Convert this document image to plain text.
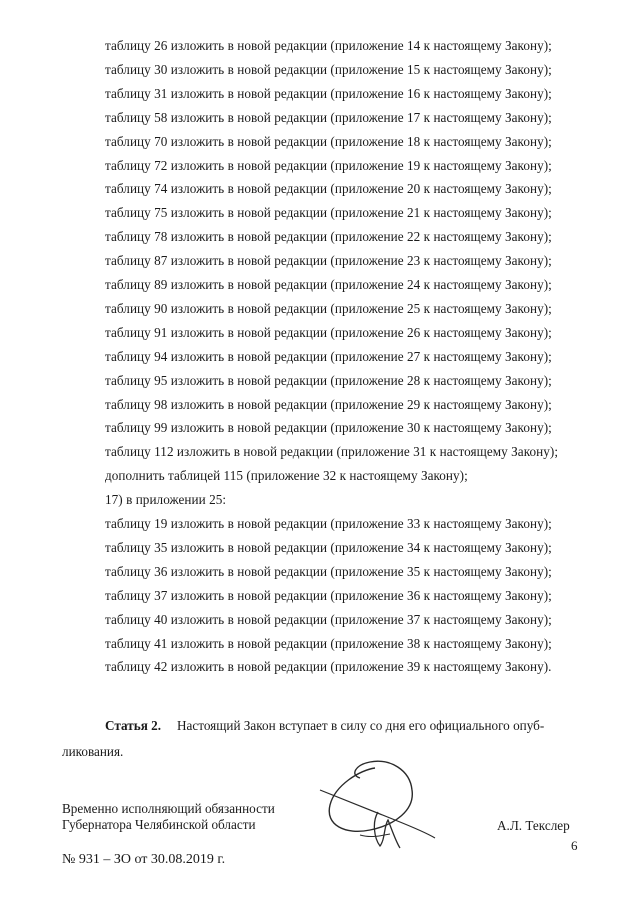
таблицу 26 изложить в новой редакции (приложение 14 к настоящему Закону);
таблицу 30 изложить в новой редакции (приложение 15 к настоящему Закону);
таблицу 31 изложить в новой редакции (приложение 16 к настоящему Закону);
таблицу 58 изложить в новой редакции (приложение 17 к настоящему Закону);
таблицу 70 изложить в новой редакции (приложение 18 к настоящему Закону);
таблицу 72 изложить в новой редакции (приложение 19 к настоящему Закону);
таблицу 74 изложить в новой редакции (приложение 20 к настоящему Закону);
таблицу 75 изложить в новой редакции (приложение 21 к настоящему Закону);
таблицу 78 изложить в новой редакции (приложение 22 к настоящему Закону);
таблицу 87 изложить в новой редакции (приложение 23 к настоящему Закону);
таблицу 89 изложить в новой редакции (приложение 24 к настоящему Закону);
таблицу 90 изложить в новой редакции (приложение 25 к настоящему Закону);
таблицу 91 изложить в новой редакции (приложение 26 к настоящему Закону);
таблицу 94 изложить в новой редакции (приложение 27 к настоящему Закону);
таблицу 95 изложить в новой редакции (приложение 28 к настоящему Закону);
таблицу 98 изложить в новой редакции (приложение 29 к настоящему Закону);
таблицу 99 изложить в новой редакции (приложение 30 к настоящему Закону);
таблицу 112 изложить в новой редакции (приложение 31 к настоящему Закону);
дополнить таблицей 115 (приложение 32 к настоящему Закону);
17) в приложении 25:
таблицу 19 изложить в новой редакции (приложение 33 к настоящему Закону);
таблицу 35 изложить в новой редакции (приложение 34 к настоящему Закону);
таблицу 36 изложить в новой редакции (приложение 35 к настоящему Закону);
таблицу 37 изложить в новой редакции (приложение 36 к настоящему Закону);
таблицу 40 изложить в новой редакции (приложение 37 к настоящему Закону);
таблицу 41 изложить в новой редакции (приложение 38 к настоящему Закону);
таблицу 42 изложить в новой редакции (приложение 39 к настоящему Закону).
Статья 2. Настоящий Закон вступает в силу со дня его официального опуб-
ликования.
Временно исполняющий обязанности
Губернатора Челябинской области	А.Л. Текслер
6
№ 931 – ЗО от 30.08.2019 г.
